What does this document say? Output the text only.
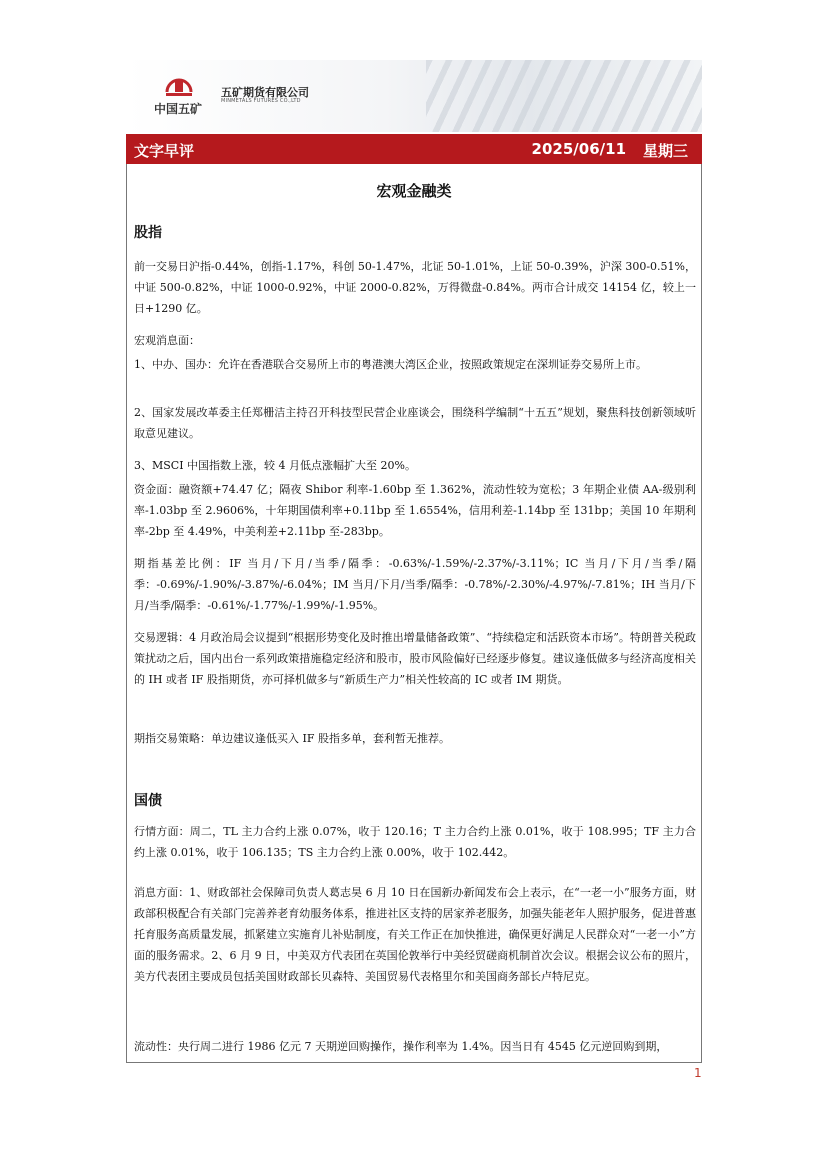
中国五矿
五矿期货有限公司
MINMETALS FUTURES CO.,LTD
文字早评	2025/06/11 星期三
宏观金融类
股指

前一交易日沪指-0.44%，创指-1.17%，科创 50-1.47%，北证 50-1.01%，上证 50-0.39%，沪深 300-0.51%，中证 500-0.82%，中证 1000-0.92%，中证 2000-0.82%，万得微盘-0.84%。两市合计成交 14154 亿，较上一日+1290 亿。

宏观消息面：

1、中办、国办：允许在香港联合交易所上市的粤港澳大湾区企业，按照政策规定在深圳证券交易所上市。

2、国家发展改革委主任郑栅洁主持召开科技型民营企业座谈会，围绕科学编制“十五五”规划，聚焦科技创新领域听取意见建议。

3、MSCI 中国指数上涨，较 4 月低点涨幅扩大至 20%。

资金面：融资额+74.47 亿；隔夜 Shibor 利率-1.60bp 至 1.362%，流动性较为宽松；3 年期企业债 AA-级别利率-1.03bp 至 2.9606%，十年期国债利率+0.11bp 至 1.6554%，信用利差-1.14bp 至 131bp；美国 10 年期利率-2bp 至 4.49%，中美利差+2.11bp 至-283bp。

期指基差比例：IF 当月/下月/当季/隔季：-0.63%/-1.59%/-2.37%/-3.11%；IC 当月/下月/当季/隔季：-0.69%/-1.90%/-3.87%/-6.04%；IM 当月/下月/当季/隔季：-0.78%/-2.30%/-4.97%/-7.81%；IH 当月/下月/当季/隔季：-0.61%/-1.77%/-1.99%/-1.95%。

交易逻辑：4 月政治局会议提到“根据形势变化及时推出增量储备政策”、“持续稳定和活跃资本市场”。特朗普关税政策扰动之后，国内出台一系列政策措施稳定经济和股市，股市风险偏好已经逐步修复。建议逢低做多与经济高度相关的 IH 或者 IF 股指期货，亦可择机做多与“新质生产力”相关性较高的 IC 或者 IM 期货。

期指交易策略：单边建议逢低买入 IF 股指多单，套利暂无推荐。

国债

行情方面：周二，TL 主力合约上涨 0.07%，收于 120.16；T 主力合约上涨 0.01%，收于 108.995；TF 主力合约上涨 0.01%，收于 106.135；TS 主力合约上涨 0.00%，收于 102.442。

消息方面：1、财政部社会保障司负责人葛志昊 6 月 10 日在国新办新闻发布会上表示，在“一老一小”服务方面，财政部积极配合有关部门完善养老育幼服务体系，推进社区支持的居家养老服务，加强失能老年人照护服务，促进普惠托育服务高质量发展，抓紧建立实施育儿补贴制度，有关工作正在加快推进，确保更好满足人民群众对“一老一小”方面的服务需求。2、6 月 9 日，中美双方代表团在英国伦敦举行中美经贸磋商机制首次会议。根据会议公布的照片，美方代表团主要成员包括美国财政部长贝森特、美国贸易代表格里尔和美国商务部长卢特尼克。

流动性：央行周二进行 1986 亿元 7 天期逆回购操作，操作利率为 1.4%。因当日有 4545 亿元逆回购到期，

1
